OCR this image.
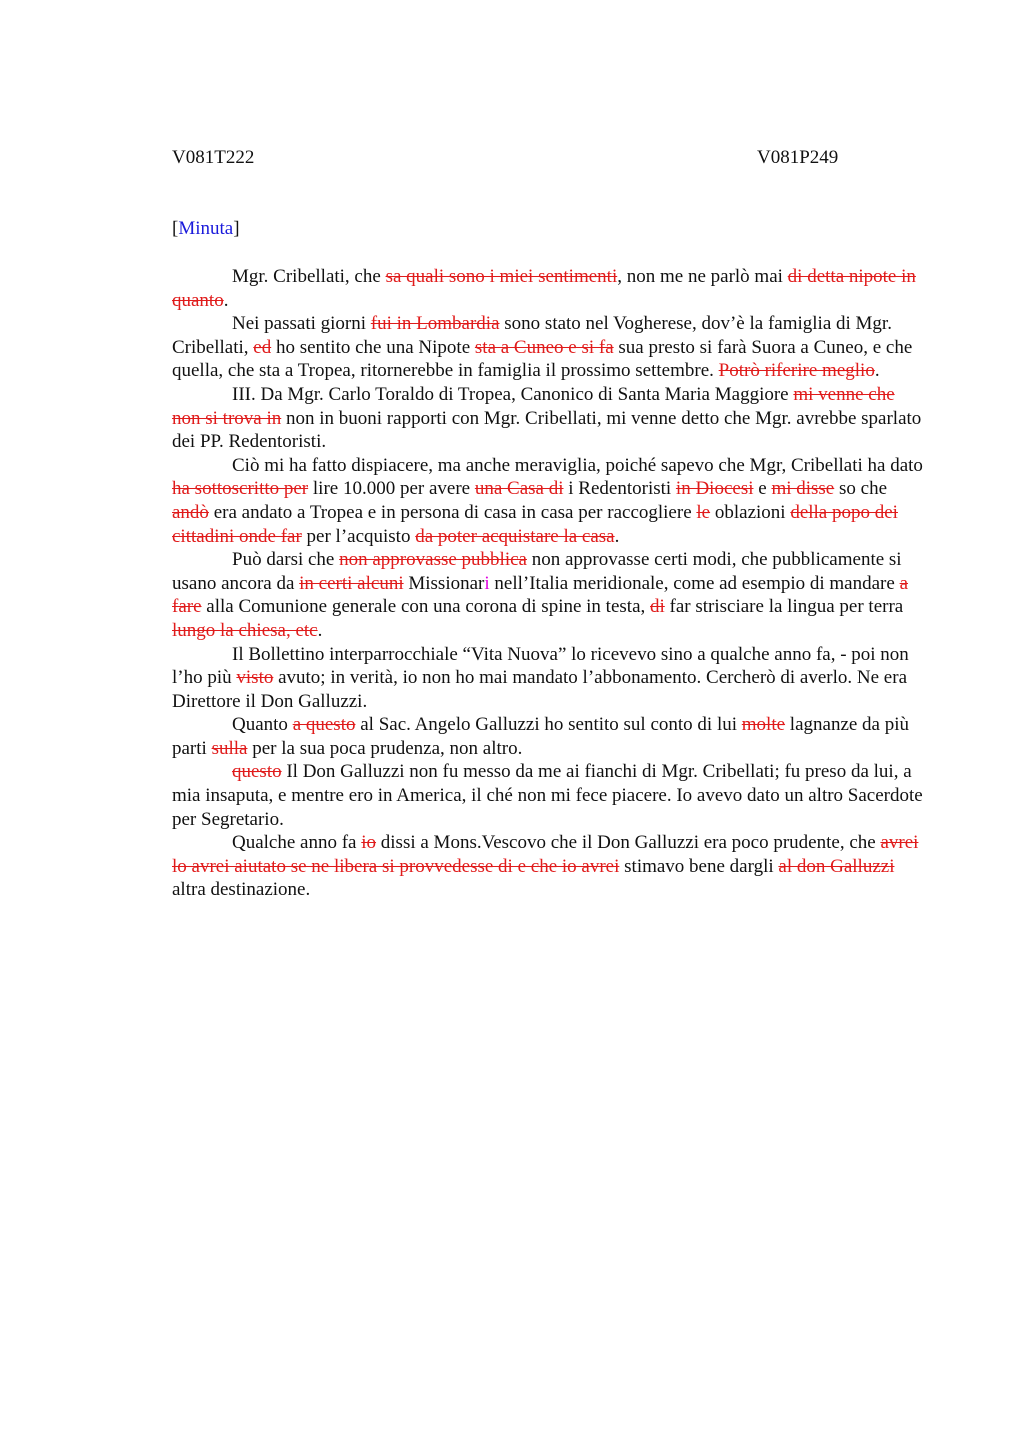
V081T222	V081P249
[Minuta]

Mgr. Cribellati, che sa quali sono i miei sentimenti, non me ne parlò mai di detta nipote in quanto.

Nei passati giorni fui in Lombardia sono stato nel Vogherese, dov’è la famiglia di Mgr. Cribellati, ed ho sentito che una Nipote sta a Cuneo e si fa sua presto si farà Suora a Cuneo, e che quella, che sta a Tropea, ritornerebbe in famiglia il prossimo settembre. Potrò riferire meglio.

III. Da Mgr. Carlo Toraldo di Tropea, Canonico di Santa Maria Maggiore mi venne che non si trova in non in buoni rapporti con Mgr. Cribellati, mi venne detto che Mgr. avrebbe sparlato dei PP. Redentoristi.

Ciò mi ha fatto dispiacere, ma anche meraviglia, poiché sapevo che Mgr, Cribellati ha dato ha sottoscritto per lire 10.000 per avere una Casa di i Redentoristi in Diocesi e mi disse so che andò era andato a Tropea e in persona di casa in casa per raccogliere le oblazioni della popo dei cittadini onde far per l’acquisto da poter acquistare la casa.

Può darsi che non approvasse pubblica non approvasse certi modi, che pubblicamente si usano ancora da in certi alcuni Missionari nell’Italia meridionale, come ad esempio di mandare a fare alla Comunione generale con una corona di spine in testa, di far strisciare la lingua per terra lungo la chiesa, etc.

Il Bollettino interparrocchiale “Vita Nuova” lo ricevevo sino a qualche anno fa, - poi non l’ho più visto avuto; in verità, io non ho mai mandato l’abbonamento. Cercherò di averlo. Ne era Direttore il Don Galluzzi.

Quanto a questo al Sac. Angelo Galluzzi ho sentito sul conto di lui molte lagnanze da più parti sulla per la sua poca prudenza, non altro.

questo Il Don Galluzzi non fu messo da me ai fianchi di Mgr. Cribellati; fu preso da lui, a mia insaputa, e mentre ero in America, il ché non mi fece piacere. Io avevo dato un altro Sacerdote per Segretario.

Qualche anno fa io dissi a Mons.Vescovo che il Don Galluzzi era poco prudente, che avrei lo avrei aiutato se ne libera si provvedesse di e che io avrei stimavo bene dargli al don Galluzzi altra destinazione.
